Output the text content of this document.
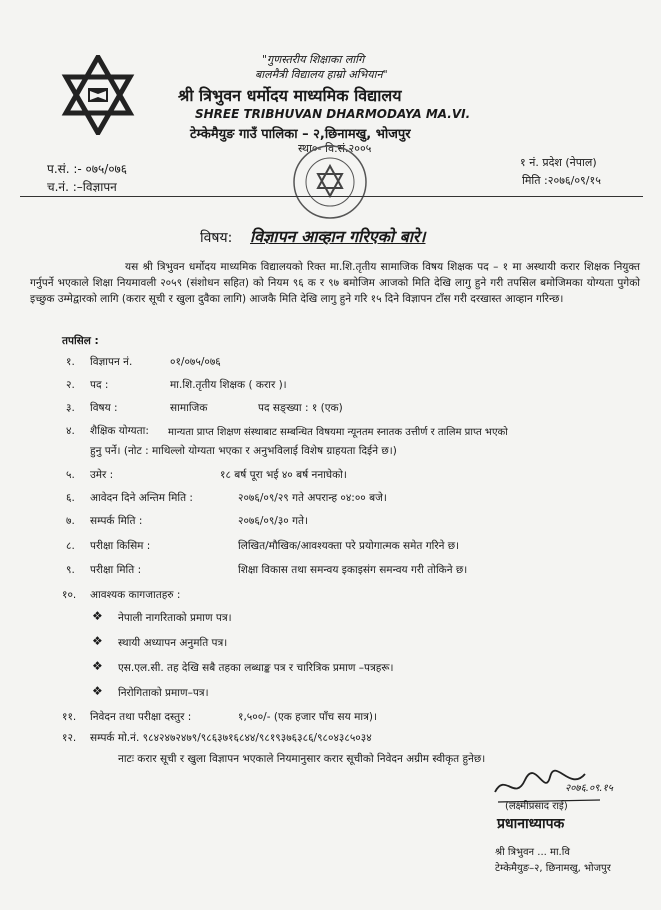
"गुणस्तरीय शिक्षाका लागि
बालमैत्री विद्यालय हाम्रो अभियान"
श्री त्रिभुवन धर्मोदय माध्यमिक विद्यालय
SHREE TRIBHUVAN DHARMODAYA MA.VI.
टेम्केमैयुङ गाउँ पालिका – २,छिनामखु, भोजपुर
स्था०- वि.सं.२००५
प.सं. :- ०७५/०७६
च.नं. :–विज्ञापन
१ नं. प्रदेश (नेपाल)
मिति :२०७६/०९/१५
विषय: विज्ञापन आव्हान गरिएको बारे।
यस श्री त्रिभुवन धर्मोदय माध्यमिक विद्यालयको रिक्त मा.शि.तृतीय सामाजिक विषय शिक्षक पद – १ मा अस्थायी करार शिक्षक नियुक्त गर्नुपर्ने भएकाले शिक्षा नियमावली २०५९ (संशोधन सहित) को नियम ९६ क र ९७ बमोजिम आजको मिति देखि लागु हुने गरी तपसिल बमोजिमका योग्यता पुगेको इच्छुक उम्मेद्वारको लागि (करार सूची र खुला दुवैका लागि) आजकै मिति देखि लागु हुने गरि १५ दिने विज्ञापन टाँस गरी दरखास्त आव्हान गरिन्छ।
तपसिल :
१. विज्ञापन नं.	०१/०७५/०७६
२. पद :	मा.शि.तृतीय शिक्षक ( करार )।
३. विषय :	सामाजिक	पद सङ्ख्या : १ (एक)
४. शैक्षिक योग्यता: मान्यता प्राप्त शिक्षण संस्थाबाट सम्बन्धित विषयमा न्यूनतम स्नातक उत्तीर्ण र तालिम प्राप्त भएको
हुनु पर्ने। (नोट : माथिल्लो योग्यता भएका र अनुभविलाई विशेष ग्राहयता दिईने छ।)
५. उमेर :	१८ बर्ष पूरा भई ४० बर्ष ननाघेको।
६. आवेदन दिने अन्तिम मिति :	२०७६/०९/२९ गते अपरान्ह ०४:०० बजे।
७. सम्पर्क मिति :	२०७६/०९/३० गते।
८. परीक्षा किसिम :	लिखित/मौखिक/आवश्यक्ता परे प्रयोगात्मक समेत गरिने छ।
९. परीक्षा मिति :	शिक्षा विकास तथा समन्वय इकाइसंग समन्वय गरी तोकिने छ।
१०. आवश्यक कागजातहरु :
❖ नेपाली नागरिताको प्रमाण पत्र।
❖ स्थायी अध्यापन अनुमति पत्र।
❖ एस.एल.सी. तह देखि सबै तहका लब्धाङ्क पत्र र चारित्रिक प्रमाण –पत्रहरू।
❖ निरोगिताको प्रमाण–पत्र।
११. निवेदन तथा परीक्षा दस्तुर :	१,५००/- (एक हजार पाँच सय मात्र)।
१२. सम्पर्क मो.नं. ९८४२४७२४७९/९८६३७१६८४४/९८१९३७६३८६/९८०४३८५०३४
नाटः करार सूची र खुला विज्ञापन भएकाले नियमानुसार करार सूचीको निवेदन अग्रीम स्वीकृत हुनेछ।
२०७६.०९.१५
(लक्ष्मीप्रसाद राई)
प्रधानाध्यापक
श्री त्रिभुवन ... मा.वि
टेम्केमैयुङ–२, छिनामखु, भोजपुर
